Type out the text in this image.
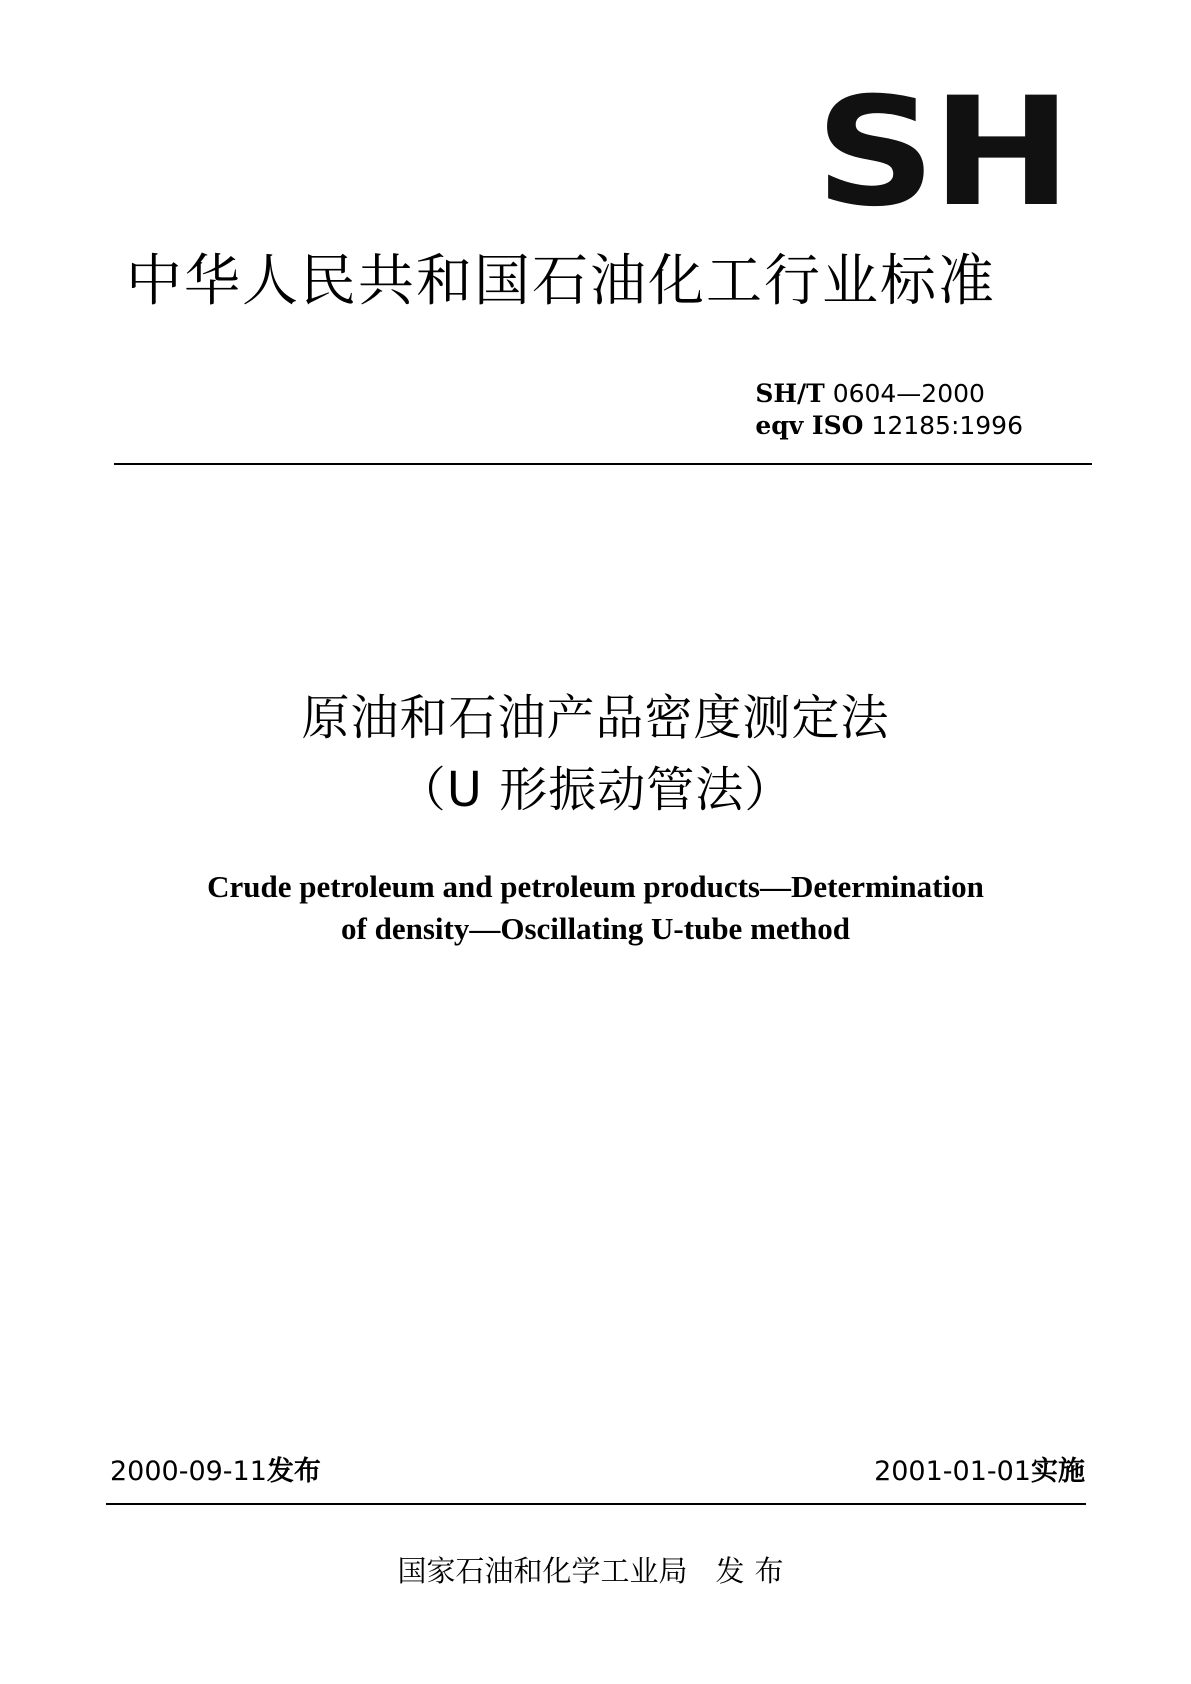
SH
中华人民共和国石油化工行业标准
SH/T 0604—2000
eqv ISO 12185:1996
原油和石油产品密度测定法
（U 形振动管法）
Crude petroleum and petroleum products—Determination
of density—Oscillating U-tube method
2000-09-11发布	2001-01-01实施
国家石油和化学工业局 发布
